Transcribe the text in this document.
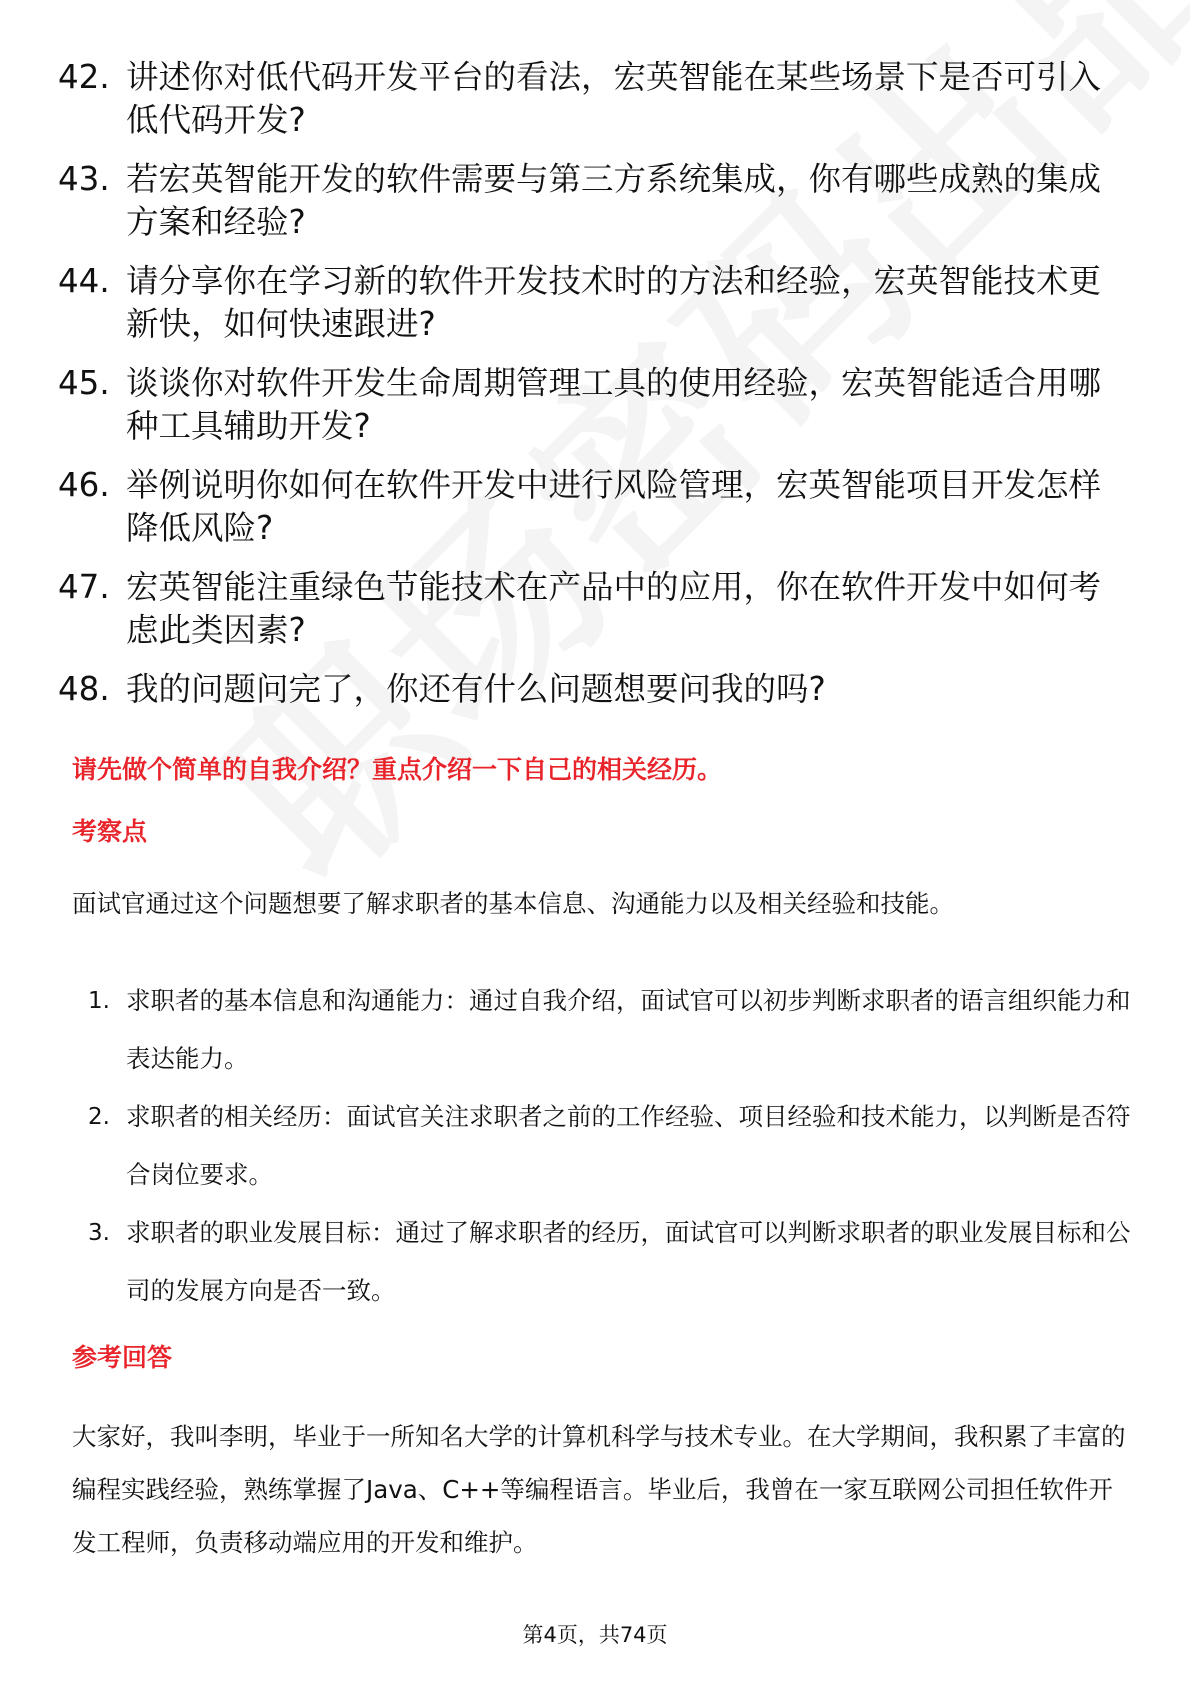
42. 讲述你对低代码开发平台的看法，宏英智能在某些场景下是否可引入低代码开发?
43. 若宏英智能开发的软件需要与第三方系统集成，你有哪些成熟的集成方案和经验?
44. 请分享你在学习新的软件开发技术时的方法和经验，宏英智能技术更新快，如何快速跟进?
45. 谈谈你对软件开发生命周期管理工具的使用经验，宏英智能适合用哪种工具辅助开发?
46. 举例说明你如何在软件开发中进行风险管理，宏英智能项目开发怎样降低风险?
47. 宏英智能注重绿色节能技术在产品中的应用，你在软件开发中如何考虑此类因素?
48. 我的问题问完了，你还有什么问题想要问我的吗?
请先做个简单的自我介绍？重点介绍一下自己的相关经历。
考察点
面试官通过这个问题想要了解求职者的基本信息、沟通能力以及相关经验和技能。
1. 求职者的基本信息和沟通能力：通过自我介绍，面试官可以初步判断求职者的语言组织能力和表达能力。
2. 求职者的相关经历：面试官关注求职者之前的工作经验、项目经验和技术能力，以判断是否符合岗位要求。
3. 求职者的职业发展目标：通过了解求职者的经历，面试官可以判断求职者的职业发展目标和公司的发展方向是否一致。
参考回答
大家好，我叫李明，毕业于一所知名大学的计算机科学与技术专业。在大学期间，我积累了丰富的编程实践经验，熟练掌握了Java、C++等编程语言。毕业后，我曾在一家互联网公司担任软件开发工程师，负责移动端应用的开发和维护。
第4页，共74页
